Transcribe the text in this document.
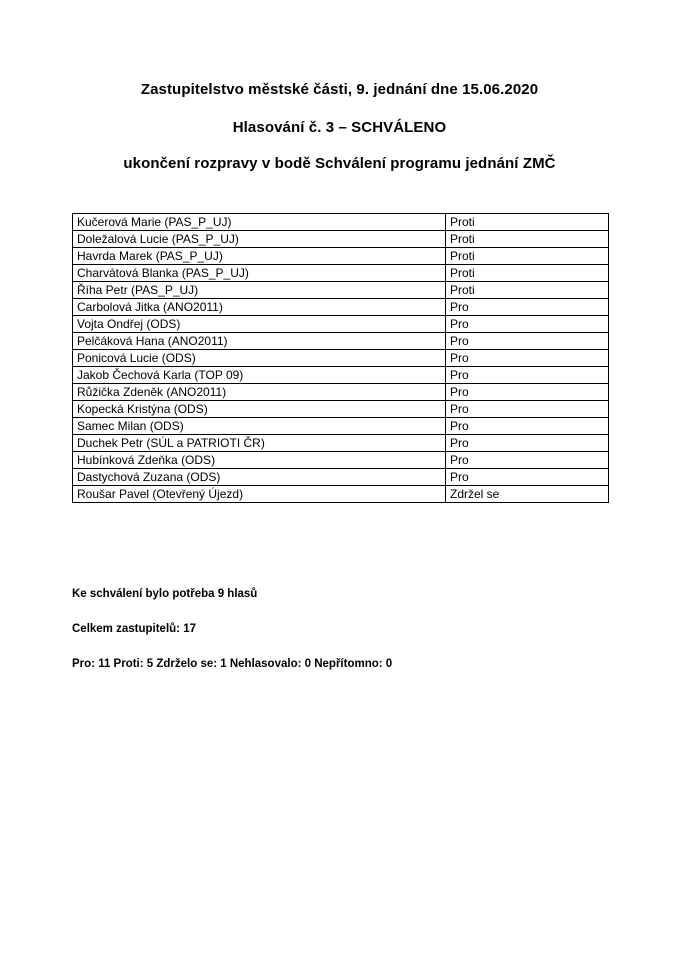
Zastupitelstvo městské části, 9. jednání dne 15.06.2020
Hlasování č. 3 – SCHVÁLENO
ukončení rozpravy v bodě Schválení programu jednání ZMČ
Kučerová Marie (PAS_P_UJ)	Proti
Doležalová Lucie (PAS_P_UJ)	Proti
Havrda Marek (PAS_P_UJ)	Proti
Charvátová Blanka (PAS_P_UJ)	Proti
Říha Petr (PAS_P_UJ)	Proti
Carbolová Jitka (ANO2011)	Pro
Vojta Ondřej (ODS)	Pro
Pelčáková Hana (ANO2011)	Pro
Ponicová Lucie (ODS)	Pro
Jakob Čechová Karla (TOP 09)	Pro
Růžička Zdeněk (ANO2011)	Pro
Kopecká Kristýna (ODS)	Pro
Samec Milan (ODS)	Pro
Duchek Petr (SÚL a PATRIOTI ČR)	Pro
Hubínková Zdeňka (ODS)	Pro
Dastychová Zuzana (ODS)	Pro
Roušar Pavel (Otevřený Újezd)	Zdržel se
Ke schválení bylo potřeba 9 hlasů
Celkem zastupitelů: 17
Pro: 11 Proti: 5 Zdrželo se: 1 Nehlasovalo: 0 Nepřítomno: 0
